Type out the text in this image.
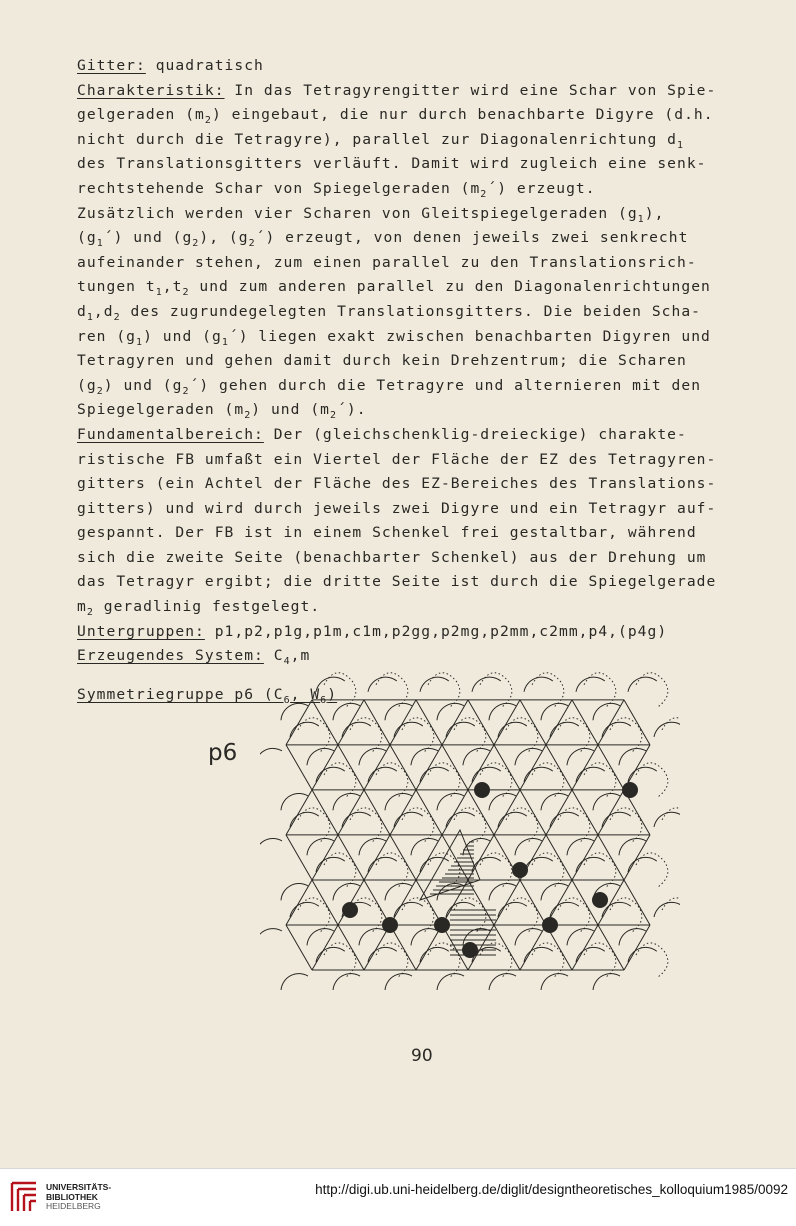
Gitter: quadratisch
Charakteristik: In das Tetragyrengitter wird eine Schar von Spie-
gelgeraden $(m_2)$ eingebaut, die nur durch benachbarte Digyre (d.h.
nicht durch die Tetragyre), parallel zur Diagonalenrichtung $d_1$
des Translationsgitters verläuft. Damit wird zugleich eine senk-
rechtstehende Schar von Spiegelgeraden $(m_2´)$ erzeugt.
Zusätzlich werden vier Scharen von Gleitspiegelgeraden $(g_1)$,
$(g_1´)$ und $(g_2)$, $(g_2´)$ erzeugt, von denen jeweils zwei senkrecht
aufeinander stehen, zum einen parallel zu den Translationsrich-
tungen $t_1,t_2$ und zum anderen parallel zu den Diagonalenrichtungen
$d_1,d_2$ des zugrundegelegten Translationsgitters. Die beiden Scha-
ren $(g_1)$ und $(g_1´)$ liegen exakt zwischen benachbarten Digyren und
Tetragyren und gehen damit durch kein Drehzentrum; die Scharen
$(g_2)$ und $(g_2´)$ gehen durch die Tetragyre und alternieren mit den
Spiegelgeraden $(m_2)$ und $(m_2´)$.
Fundamentalbereich: Der (gleichschenklig-dreieckige) charakte-
ristische FB umfaßt ein Viertel der Fläche der EZ des Tetragyren-
gitters (ein Achtel der Fläche des EZ-Bereiches des Translations-
gitters) und wird durch jeweils zwei Digyre und ein Tetragyr auf-
gespannt. Der FB ist in einem Schenkel frei gestaltbar, während
sich die zweite Seite (benachbarter Schenkel) aus der Drehung um
das Tetragyr ergibt; die dritte Seite ist durch die Spiegelgerade
$m_2$ geradlinig festgelegt.
Untergruppen: p1,p2,p1g,p1m,c1m,p2gg,p2mg,p2mm,c2mm,p4,(p4g)
Erzeugendes System: $C_4,m$
Symmetriegruppe p6 ($C_6$, $W_6$)
p6
90
UNIVERSITÄTS-
BIBLIOTHEK
HEIDELBERG
http://digi.ub.uni-heidelberg.de/diglit/designtheoretisches_kolloquium1985/0092
